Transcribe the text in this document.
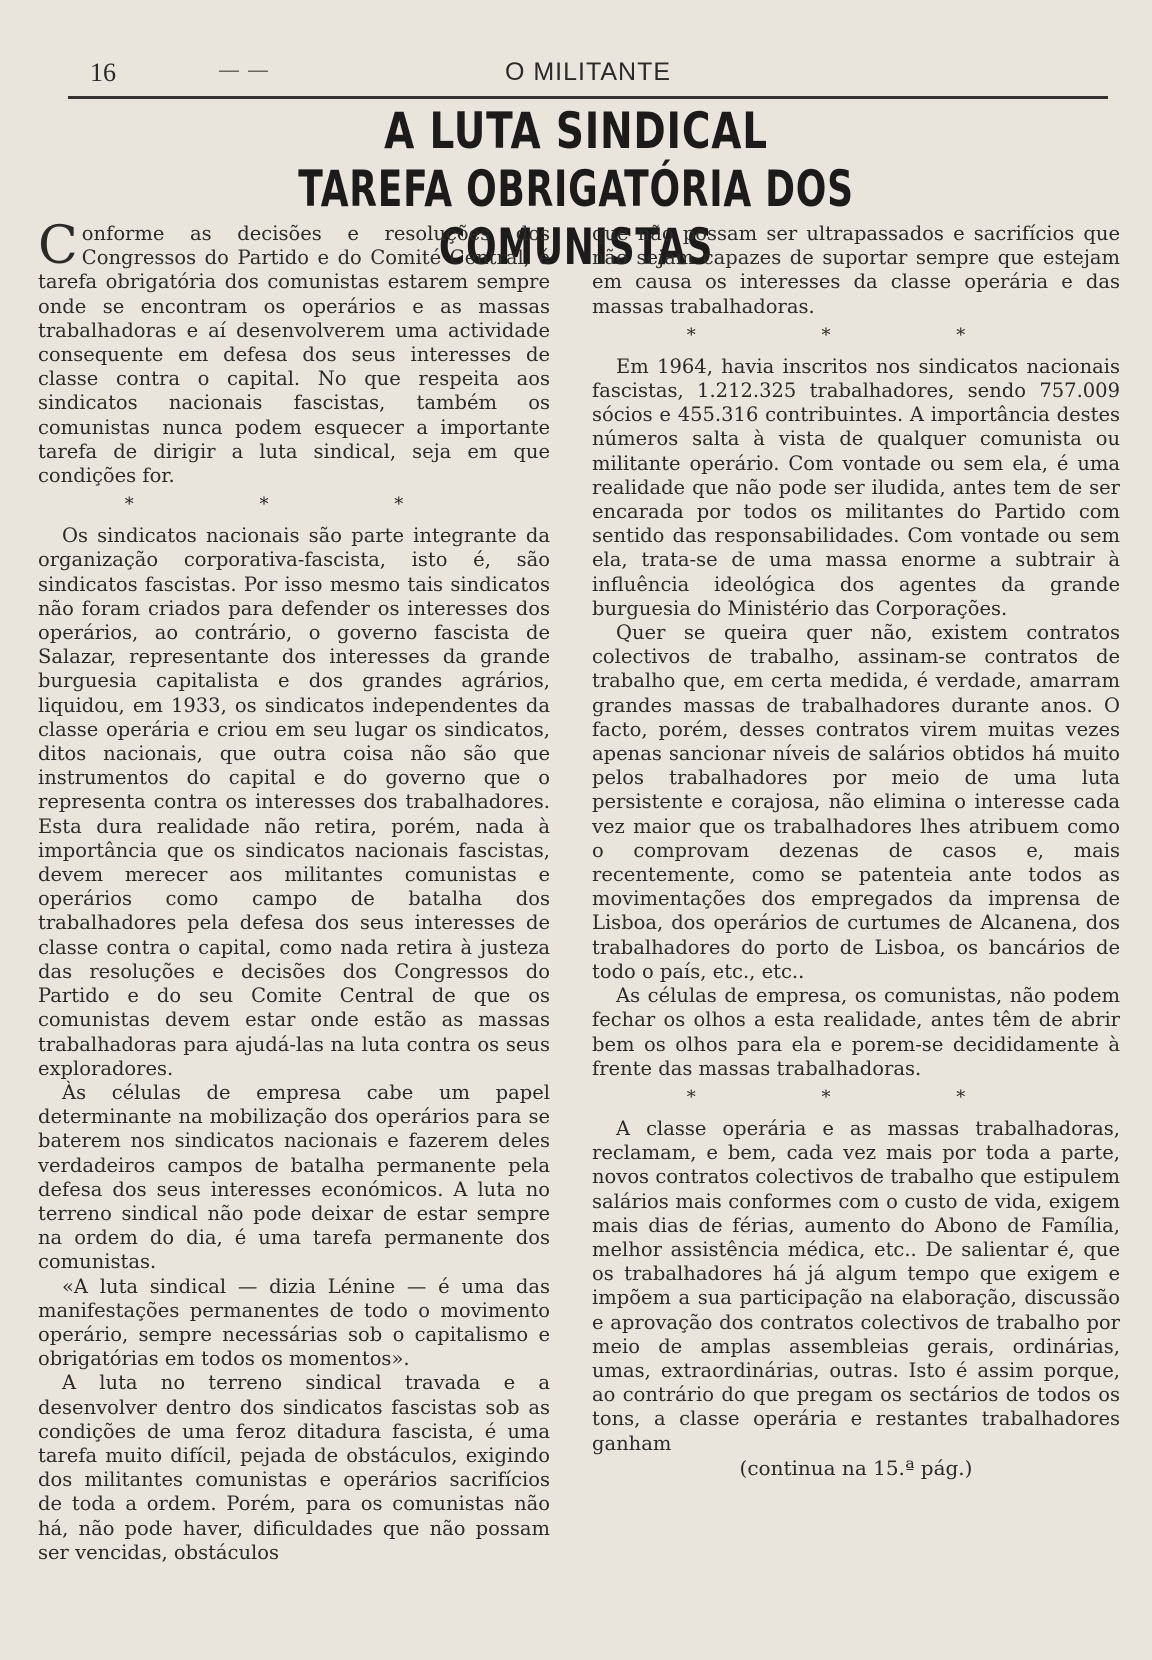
16	— —	O MILITANTE
A LUTA SINDICAL
TAREFA OBRIGATÓRIA DOS COMUNISTAS

Conforme as decisões e resoluções dos Congressos do Partido e do Comité Central, é tarefa obrigatória dos comunistas estarem sempre onde se encontram os operários e as massas trabalhadoras e aí desenvolverem uma actividade consequente em defesa dos seus interesses de classe contra o capital. No que respeita aos sindicatos nacionais fascistas, também os comunistas nunca podem esquecer a importante tarefa de dirigir a luta sindical, seja em que condições for.

* * *

Os sindicatos nacionais são parte integrante da organização corporativa-fascista, isto é, são sindicatos fascistas. Por isso mesmo tais sindicatos não foram criados para defender os interesses dos operários, ao contrário, o governo fascista de Salazar, representante dos interesses da grande burguesia capitalista e dos grandes agrários, liquidou, em 1933, os sindicatos independentes da classe operária e criou em seu lugar os sindicatos, ditos nacionais, que outra coisa não são que instrumentos do capital e do governo que o representa contra os interesses dos trabalhadores. Esta dura realidade não retira, porém, nada à importância que os sindicatos nacionais fascistas, devem merecer aos militantes comunistas e operários como campo de batalha dos trabalhadores pela defesa dos seus interesses de classe contra o capital, como nada retira à justeza das resoluções e decisões dos Congressos do Partido e do seu Comite Central de que os comunistas devem estar onde estão as massas trabalhadoras para ajudá-las na luta contra os seus exploradores.

Às células de empresa cabe um papel determinante na mobilização dos operários para se baterem nos sindicatos nacionais e fazerem deles verdadeiros campos de batalha permanente pela defesa dos seus interesses económicos. A luta no terreno sindical não pode deixar de estar sempre na ordem do dia, é uma tarefa permanente dos comunistas.

«A luta sindical — dizia Lénine — é uma das manifestações permanentes de todo o movimento operário, sempre necessárias sob o capitalismo e obrigatórias em todos os momentos».

A luta no terreno sindical travada e a desenvolver dentro dos sindicatos fascistas sob as condições de uma feroz ditadura fascista, é uma tarefa muito difícil, pejada de obstáculos, exigindo dos militantes comunistas e operários sacrifícios de toda a ordem. Porém, para os comunistas não há, não pode haver, dificuldades que não possam ser vencidas, obstáculos

que não possam ser ultrapassados e sacrifícios que não sejam capazes de suportar sempre que estejam em causa os interesses da classe operária e das massas trabalhadoras.

* * *

Em 1964, havia inscritos nos sindicatos nacionais fascistas, 1.212.325 trabalhadores, sendo 757.009 sócios e 455.316 contribuintes. A importância destes números salta à vista de qualquer comunista ou militante operário. Com vontade ou sem ela, é uma realidade que não pode ser iludida, antes tem de ser encarada por todos os militantes do Partido com sentido das responsabilidades. Com vontade ou sem ela, trata-se de uma massa enorme a subtrair à influência ideológica dos agentes da grande burguesia do Ministério das Corporações.

Quer se queira quer não, existem contratos colectivos de trabalho, assinam-se contratos de trabalho que, em certa medida, é verdade, amarram grandes massas de trabalhadores durante anos. O facto, porém, desses contratos virem muitas vezes apenas sancionar níveis de salários obtidos há muito pelos trabalhadores por meio de uma luta persistente e corajosa, não elimina o interesse cada vez maior que os trabalhadores lhes atribuem como o comprovam dezenas de casos e, mais recentemente, como se patenteia ante todos as movimentações dos empregados da imprensa de Lisboa, dos operários de curtumes de Alcanena, dos trabalhadores do porto de Lisboa, os bancários de todo o país, etc., etc..

As células de empresa, os comunistas, não podem fechar os olhos a esta realidade, antes têm de abrir bem os olhos para ela e porem-se decididamente à frente das massas trabalhadoras.

* * *

A classe operária e as massas trabalhadoras, reclamam, e bem, cada vez mais por toda a parte, novos contratos colectivos de trabalho que estipulem salários mais conformes com o custo de vida, exigem mais dias de férias, aumento do Abono de Família, melhor assistência médica, etc.. De salientar é, que os trabalhadores há já algum tempo que exigem e impõem a sua participação na elaboração, discussão e aprovação dos contratos colectivos de trabalho por meio de amplas assembleias gerais, ordinárias, umas, extraordinárias, outras. Isto é assim porque, ao contrário do que pregam os sectários de todos os tons, a classe operária e restantes trabalhadores ganham

(continua na 15.ª pág.)
